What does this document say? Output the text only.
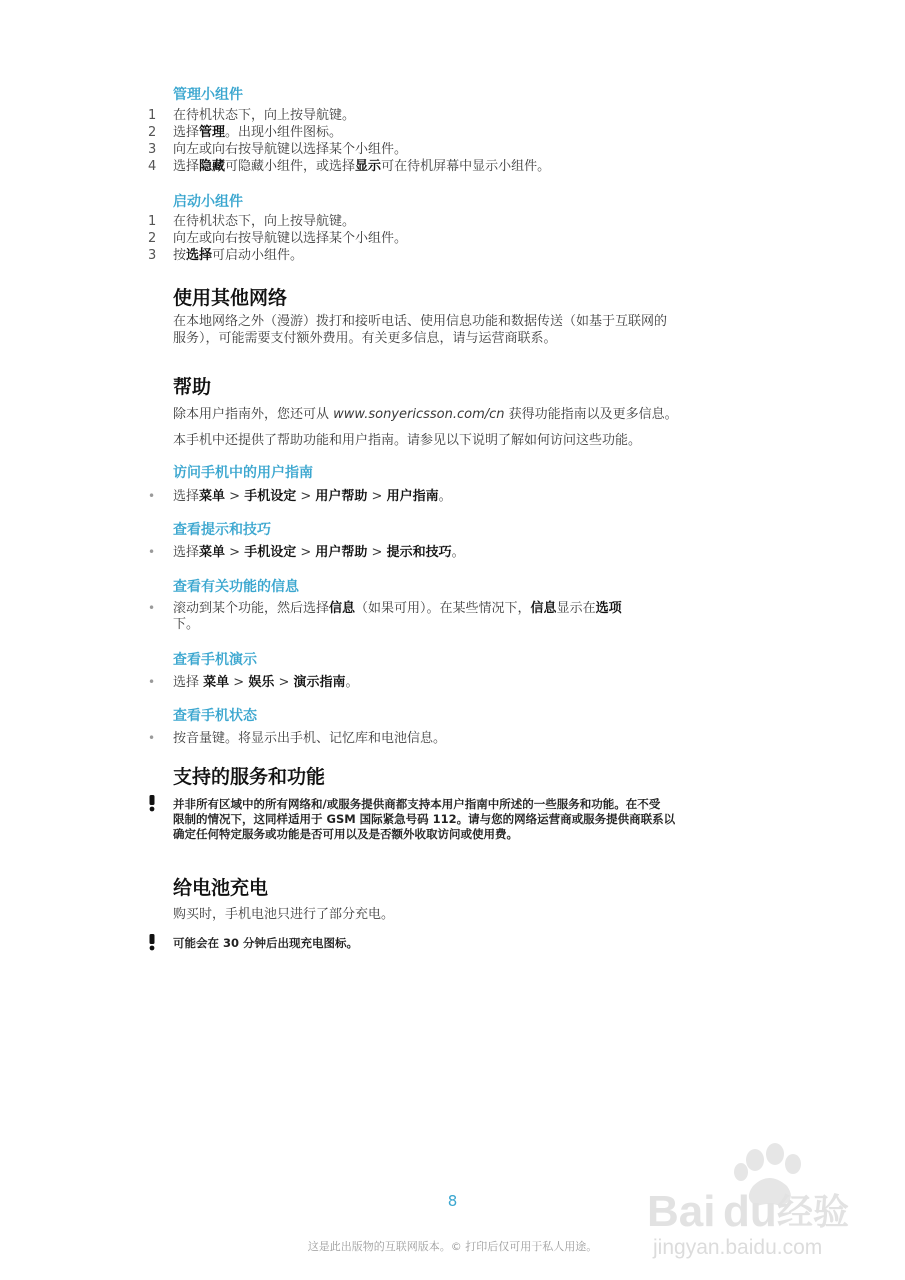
管理小组件
启动小组件
使用其他网络
在本地网络之外（漫游）拨打和接听电话、使用信息功能和数据传送（如基于互联网的
服务），可能需要支付额外费用。有关更多信息，请与运营商联系。
帮助
除本用户指南外，您还可从 www.sonyericsson.com/cn 获得功能指南以及更多信息。
本手机中还提供了帮助功能和用户指南。请参见以下说明了解如何访问这些功能。
访问手机中的用户指南
• 选择菜单 > 手机设定 > 用户帮助 > 用户指南。
查看提示和技巧
• 选择菜单 > 手机设定 > 用户帮助 > 提示和技巧。
查看有关功能的信息
• 滚动到某个功能，然后选择信息（如果可用）。在某些情况下，信息显示在选项
下。
查看手机演示
• 选择 菜单 > 娱乐 > 演示指南。
查看手机状态
• 按音量键。将显示出手机、记忆库和电池信息。
支持的服务和功能
并非所有区域中的所有网络和/或服务提供商都支持本用户指南中所述的一些服务和功能。在不受
限制的情况下，这同样适用于 GSM 国际紧急号码 112。请与您的网络运营商或服务提供商联系以
确定任何特定服务或功能是否可用以及是否额外收取访问或使用费。
给电池充电
购买时，手机电池只进行了部分充电。
可能会在 30 分钟后出现充电图标。
8
这是此出版物的互联网版本。© 打印后仅可用于私人用途。
Bai du 经验
jingyan.baidu.com
1 在待机状态下，向上按导航键。
2 选择管理。出现小组件图标。
3 向左或向右按导航键以选择某个小组件。
4 选择隐藏可隐藏小组件，或选择显示可在待机屏幕中显示小组件。
1 在待机状态下，向上按导航键。
2 向左或向右按导航键以选择某个小组件。
3 按选择可启动小组件。
